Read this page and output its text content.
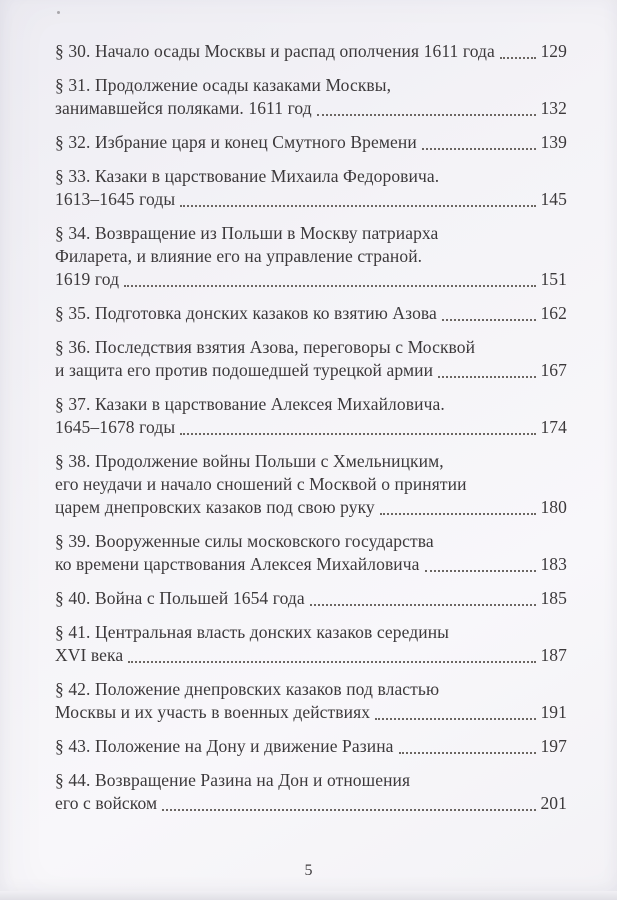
§ 30. Начало осады Москвы и распад ополчения 1611 года	129
§ 31. Продолжение осады казаками Москвы,
занимавшейся поляками. 1611 год	132
§ 32. Избрание царя и конец Смутного Времени	139
§ 33. Казаки в царствование Михаила Федоровича.
1613–1645 годы	145
§ 34. Возвращение из Польши в Москву патриарха
Филарета, и влияние его на управление страной.
1619 год	151
§ 35. Подготовка донских казаков ко взятию Азова	162
§ 36. Последствия взятия Азова, переговоры с Москвой
и защита его против подошедшей турецкой армии	167
§ 37. Казаки в царствование Алексея Михайловича.
1645–1678 годы	174
§ 38. Продолжение войны Польши с Хмельницким,
его неудачи и начало сношений с Москвой о принятии
царем днепровских казаков под свою руку	180
§ 39. Вооруженные силы московского государства
ко времени царствования Алексея Михайловича	183
§ 40. Война с Польшей 1654 года	185
§ 41. Центральная власть донских казаков середины
XVI века	187
§ 42. Положение днепровских казаков под властью
Москвы и их участь в военных действиях	191
§ 43. Положение на Дону и движение Разина	197
§ 44. Возвращение Разина на Дон и отношения
его с войском	201
5
